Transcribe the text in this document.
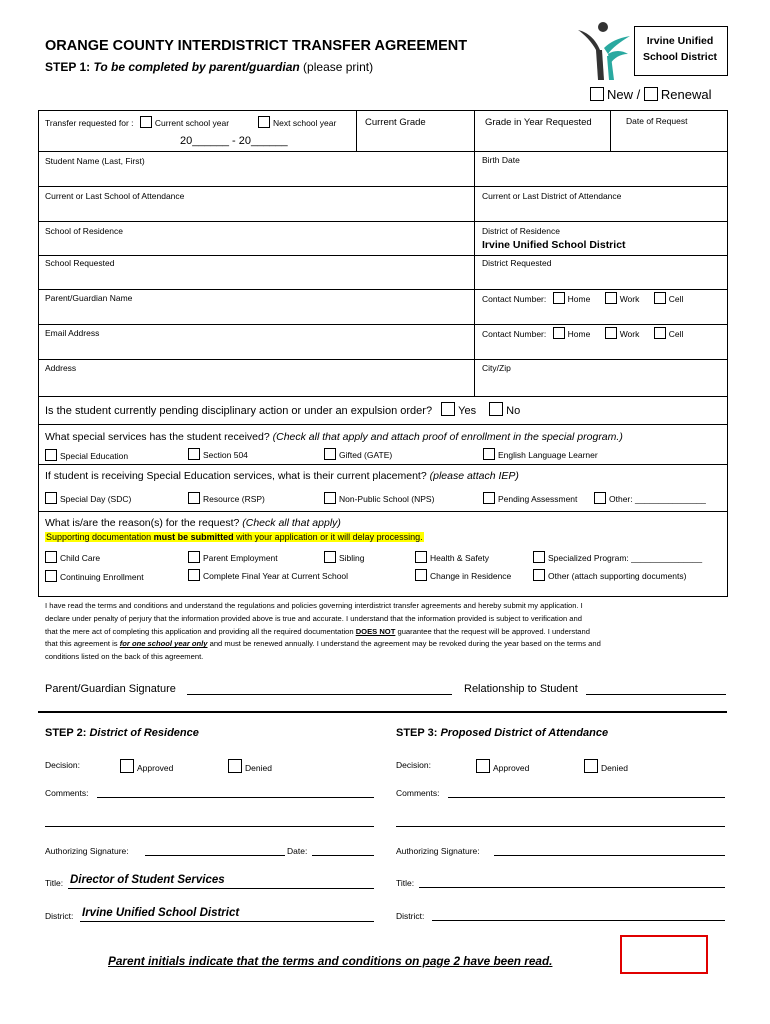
ORANGE COUNTY INTERDISTRICT TRANSFER AGREEMENT
STEP 1: To be completed by parent/guardian (please print)
Irvine Unified
School District
New / Renewal
Transfer requested for :	Current school year	Next school year
20______ - 20______
Current Grade	Grade in Year Requested	Date of Request
Student Name (Last, First)	Birth Date
Current or Last School of Attendance	Current or Last District of Attendance
School of Residence	District of Residence
Irvine Unified School District
School Requested	District Requested
Parent/Guardian Name	Contact Number:	Home	Work	Cell
Email Address	Contact Number:	Home	Work	Cell
Address	City/Zip
Is the student currently pending disciplinary action or under an expulsion order? Yes	No
What special services has the student received? (Check all that apply and attach proof of enrollment in the special program.)
Special Education	Section 504	Gifted (GATE)	English Language Learner
If student is receiving Special Education services, what is their current placement? (please attach IEP)
Special Day (SDC)	Resource (RSP)	Non-Public School (NPS)	Pending Assessment	Other: _______________
What is/are the reason(s) for the request? (Check all that apply)
Supporting documentation must be submitted with your application or it will delay processing.
Child Care	Parent Employment	Sibling	Health & Safety	Specialized Program: _______________
Continuing Enrollment	Complete Final Year at Current School	Change in Residence	Other (attach supporting documents)
I have read the terms and conditions and understand the regulations and policies governing interdistrict transfer agreements and hereby submit my application. I
declare under penalty of perjury that the information provided above is true and accurate. I understand that the information provided is subject to verification and
that the mere act of completing this application and providing all the required documentation DOES NOT guarantee that the request will be approved. I understand
that this agreement is for one school year only and must be renewed annually. I understand the agreement may be revoked during the year based on the terms and
conditions listed on the back of this agreement.
Parent/Guardian Signature	Relationship to Student
STEP 2: District of Residence
Decision:	Approved	Denied
Comments:
Authorizing Signature:	Date:
Title: Director of Student Services
District: Irvine Unified School District
STEP 3: Proposed District of Attendance
Decision:	Approved	Denied
Comments:
Authorizing Signature:
Title:
District:
Parent initials indicate that the terms and conditions on page 2 have been read.
